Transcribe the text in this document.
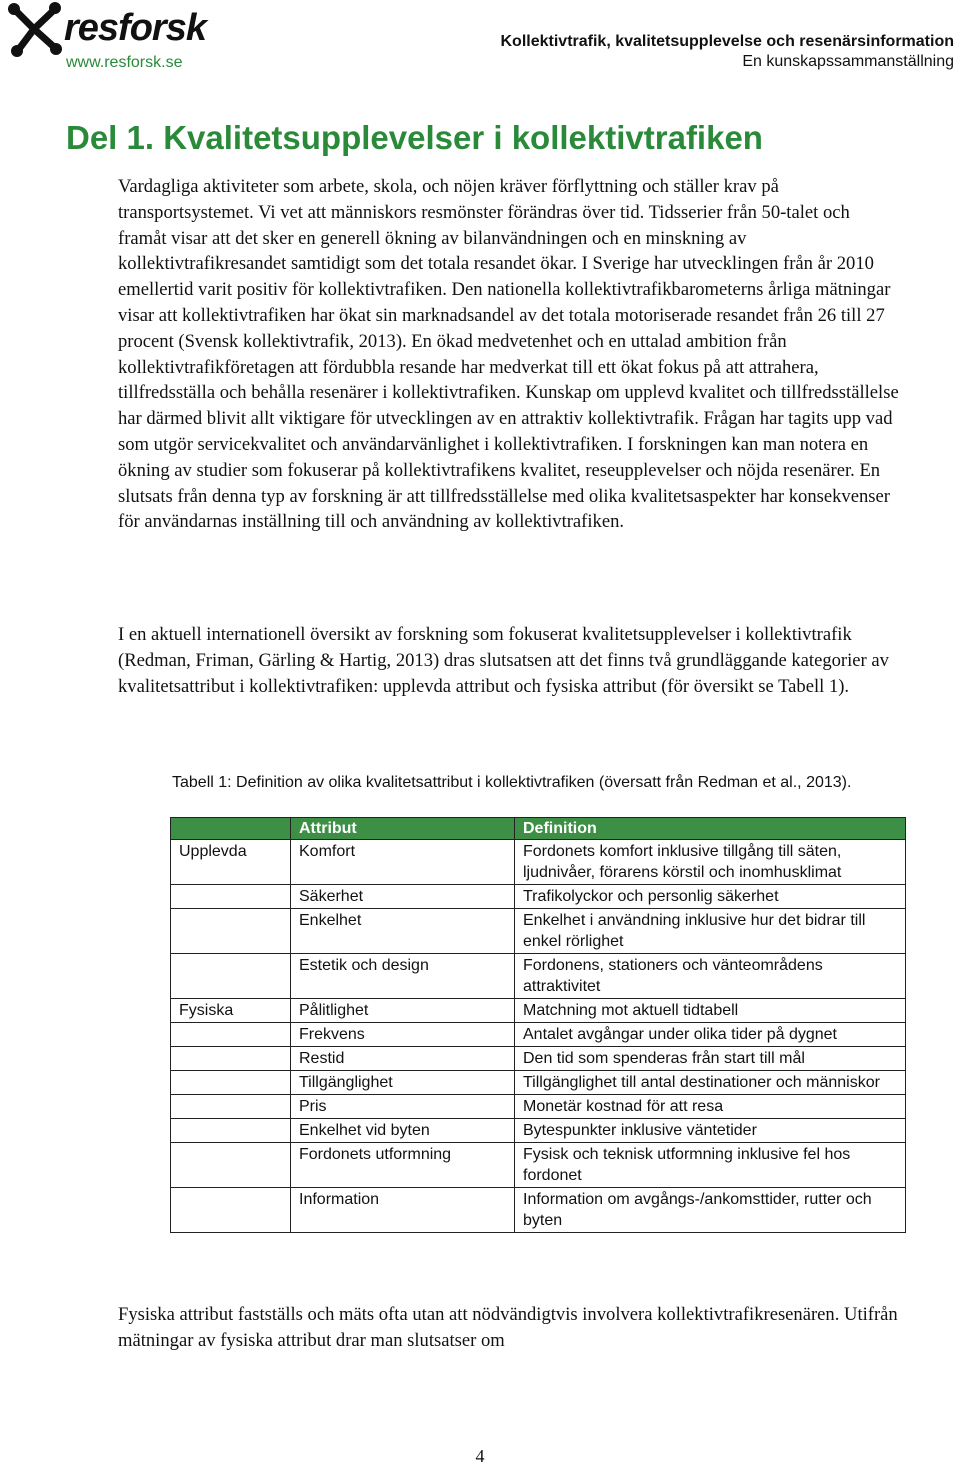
resforsk
www.resforsk.se
Kollektivtrafik, kvalitetsupplevelse och resenärsinformation
En kunskapssammanställning
Del 1. Kvalitetsupplevelser i kollektivtrafiken

Vardagliga aktiviteter som arbete, skola, och nöjen kräver förflyttning och ställer krav på transportsystemet. Vi vet att människors resmönster förändras över tid. Tidsserier från 50-talet och framåt visar att det sker en generell ökning av bilanvändningen och en minskning av kollektivtrafikresandet samtidigt som det totala resandet ökar. I Sverige har utvecklingen från år 2010 emellertid varit positiv för kollektivtrafiken. Den nationella kollektivtrafikbarometerns årliga mätningar visar att kollektivtrafiken har ökat sin marknadsandel av det totala motoriserade resandet från 26 till 27 procent (Svensk kollektivtrafik, 2013). En ökad medvetenhet och en uttalad ambition från kollektivtrafikföretagen att fördubbla resande har medverkat till ett ökat fokus på att attrahera, tillfredsställa och behålla resenärer i kollektivtrafiken. Kunskap om upplevd kvalitet och tillfredsställelse har därmed blivit allt viktigare för utvecklingen av en attraktiv kollektivtrafik. Frågan har tagits upp vad som utgör servicekvalitet och användarvänlighet i kollektivtrafiken. I forskningen kan man notera en ökning av studier som fokuserar på kollektivtrafikens kvalitet, reseupplevelser och nöjda resenärer. En slutsats från denna typ av forskning är att tillfredsställelse med olika kvalitetsaspekter har konsekvenser för användarnas inställning till och användning av kollektivtrafiken.

I en aktuell internationell översikt av forskning som fokuserat kvalitetsupplevelser i kollektivtrafik (Redman, Friman, Gärling & Hartig, 2013) dras slutsatsen att det finns två grundläggande kategorier av kvalitetsattribut i kollektivtrafiken: upplevda attribut och fysiska attribut (för översikt se Tabell 1).

Tabell 1: Definition av olika kvalitetsattribut i kollektivtrafiken (översatt från Redman et al., 2013).

	Attribut	Definition
Upplevda	Komfort	Fordonets komfort inklusive tillgång till säten, ljudnivåer, förarens körstil och inomhusklimat
	Säkerhet	Trafikolyckor och personlig säkerhet
	Enkelhet	Enkelhet i användning inklusive hur det bidrar till enkel rörlighet
	Estetik och design	Fordonens, stationers och vänteområdens attraktivitet
Fysiska	Pålitlighet	Matchning mot aktuell tidtabell
	Frekvens	Antalet avgångar under olika tider på dygnet
	Restid	Den tid som spenderas från start till mål
	Tillgänglighet	Tillgänglighet till antal destinationer och människor
	Pris	Monetär kostnad för att resa
	Enkelhet vid byten	Bytespunkter inklusive väntetider
	Fordonets utformning	Fysisk och teknisk utformning inklusive fel hos fordonet
	Information	Information om avgångs-/ankomsttider, rutter och byten

Fysiska attribut fastställs och mäts ofta utan att nödvändigtvis involvera kollektivtrafikresenären. Utifrån mätningar av fysiska attribut drar man slutsatser om

4
